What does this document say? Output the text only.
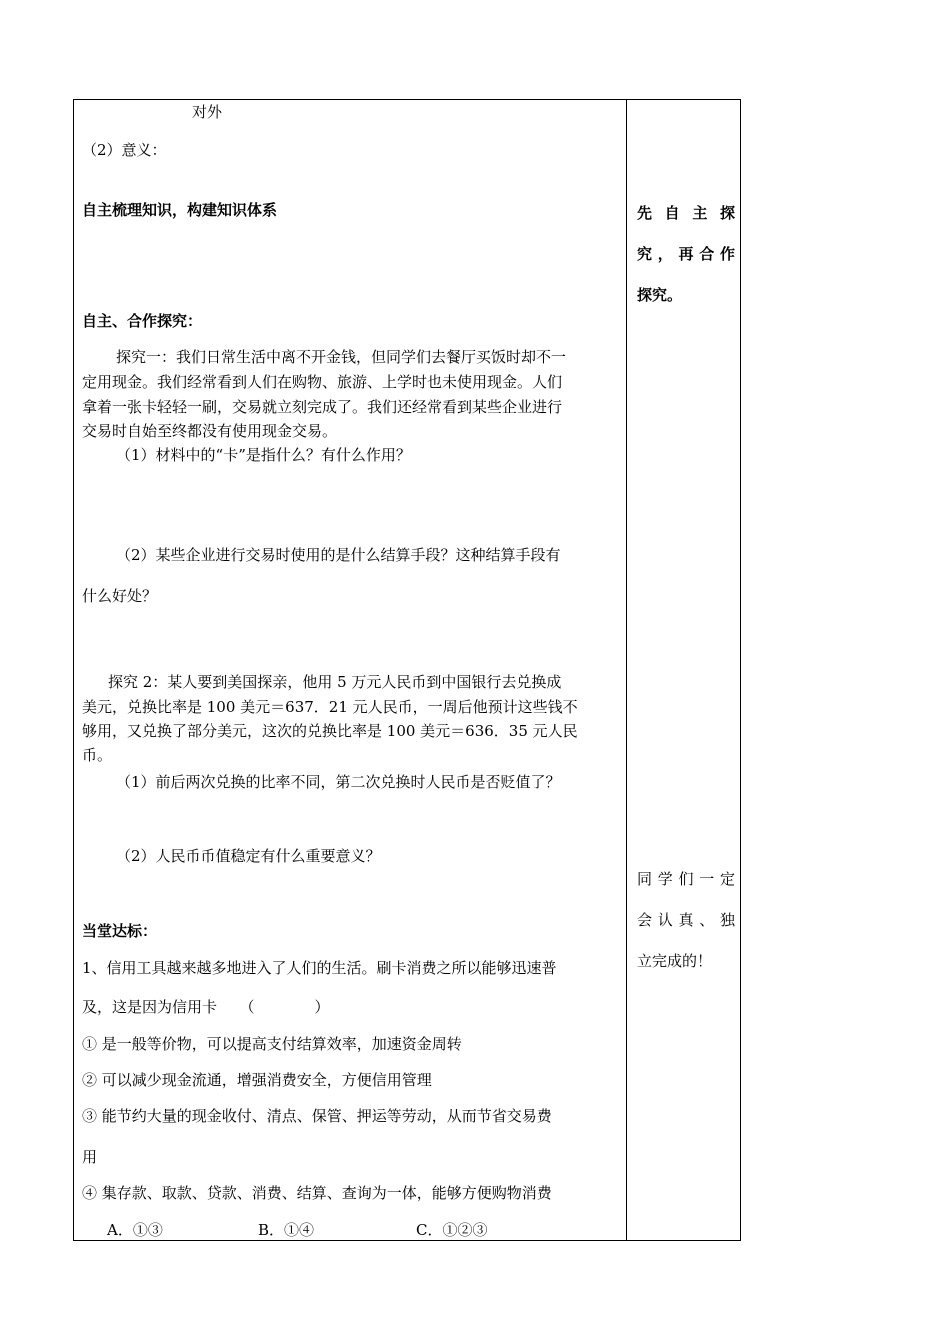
对外
（2）意义：
自主梳理知识，构建知识体系
自主、合作探究：
探究一：我们日常生活中离不开金钱，但同学们去餐厅买饭时却不一
定用现金。我们经常看到人们在购物、旅游、上学时也未使用现金。人们
拿着一张卡轻轻一刷，交易就立刻完成了。我们还经常看到某些企业进行
交易时自始至终都没有使用现金交易。
（1）材料中的“卡”是指什么？有什么作用？
（2）某些企业进行交易时使用的是什么结算手段？这种结算手段有
什么好处？
探究 2：某人要到美国探亲，他用 5 万元人民币到中国银行去兑换成
美元，兑换比率是 100 美元＝637．21 元人民币，一周后他预计这些钱不
够用，又兑换了部分美元，这次的兑换比率是 100 美元＝636．35 元人民
币。
（1）前后两次兑换的比率不同，第二次兑换时人民币是否贬值了？
（2）人民币币值稳定有什么重要意义？
当堂达标：
1、信用工具越来越多地进入了人们的生活。刷卡消费之所以能够迅速普
及，这是因为信用卡　　（　　　　）
① 是一般等价物，可以提高支付结算效率，加速资金周转
② 可以减少现金流通，增强消费安全，方便信用管理
③ 能节约大量的现金收付、清点、保管、押运等劳动，从而节省交易费
用
④ 集存款、取款、贷款、消费、结算、查询为一体，能够方便购物消费
A．①③	B．①④	C．①②③
先 自 主 探
究，再合作
探究。
同学们一定
会认真、独
立完成的！
